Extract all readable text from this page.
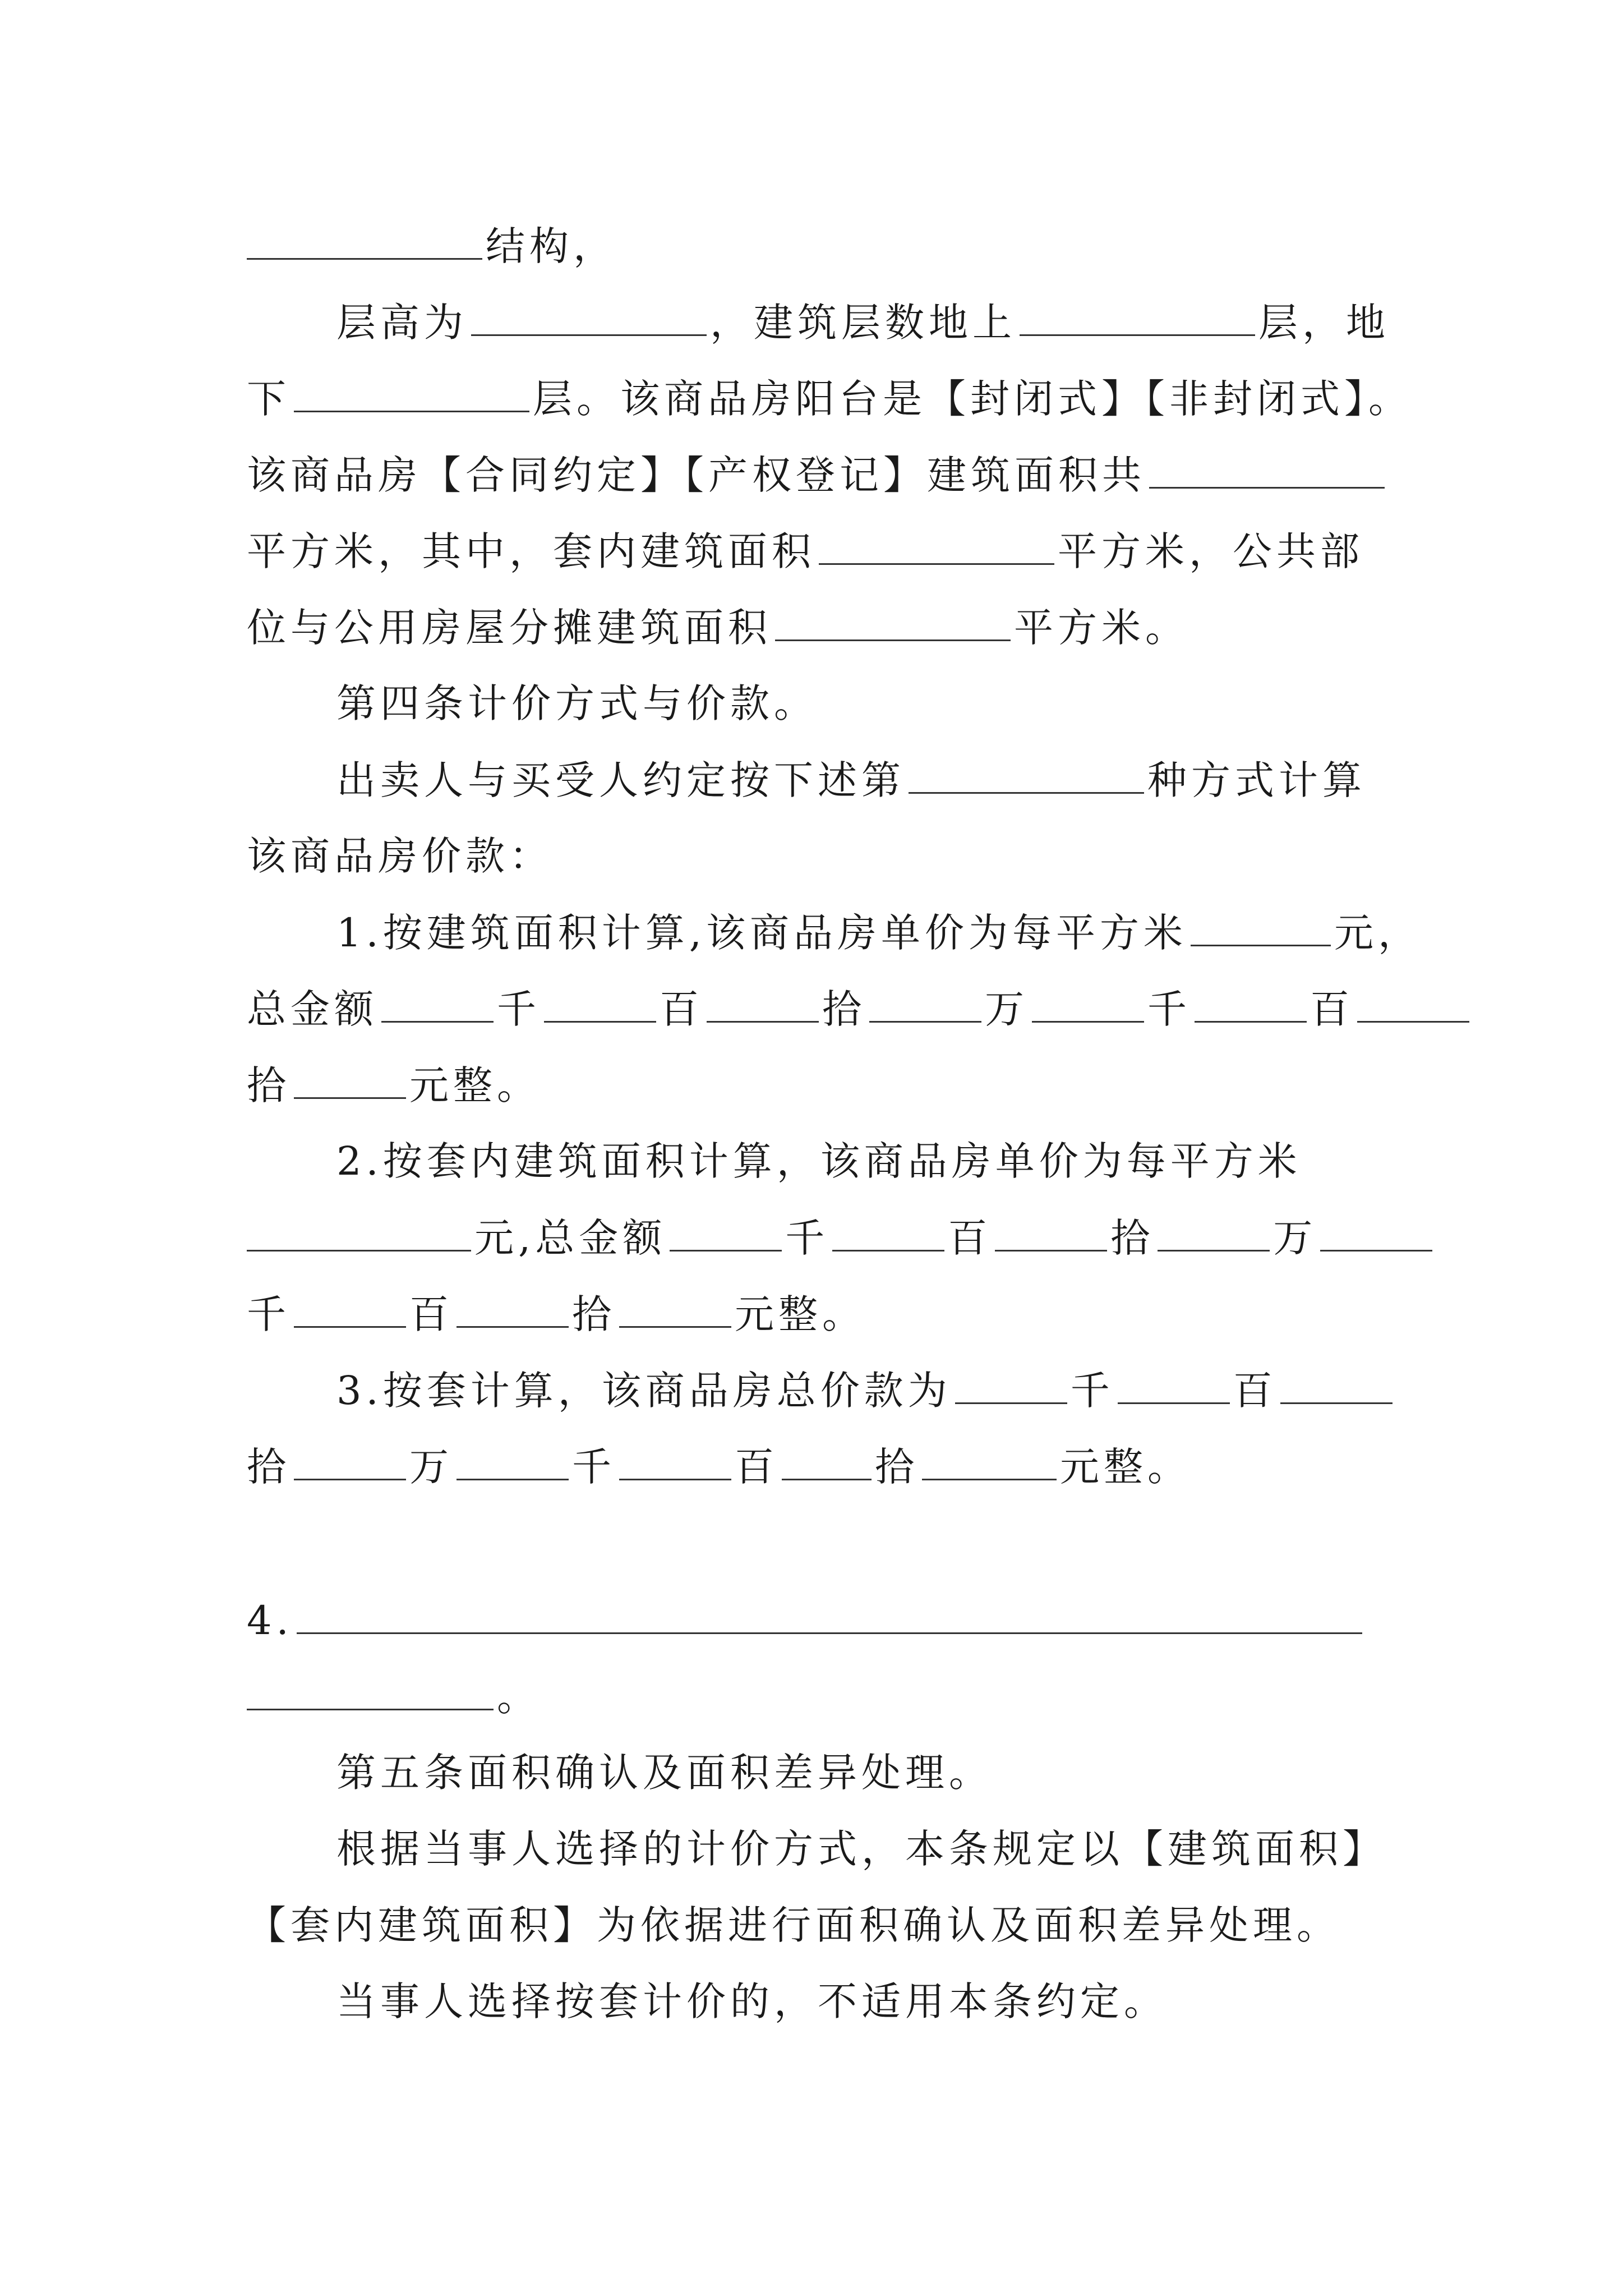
结构，
层高为	，建筑层数地上	层，地
下	层。该商品房阳台是【封闭式】【非封闭式】。
该商品房【合同约定】【产权登记】建筑面积共
平方米，其中，套内建筑面积	平方米，公共部
位与公用房屋分摊建筑面积	平方米。
第四条计价方式与价款。
出卖人与买受人约定按下述第	种方式计算
该商品房价款：
1.按建筑面积计算,该商品房单价为每平方米	元，
总金额	千	百	拾	万	千	百
拾	元整。
2.按套内建筑面积计算，该商品房单价为每平方米
元,总金额	千	百	拾	万
千	百	拾	元整。
3.按套计算，该商品房总价款为	千	百
拾	万	千	百 拾	元整。
4.
。
第五条面积确认及面积差异处理。
根据当事人选择的计价方式，本条规定以【建筑面积】
【套内建筑面积】为依据进行面积确认及面积差异处理。
当事人选择按套计价的，不适用本条约定。
